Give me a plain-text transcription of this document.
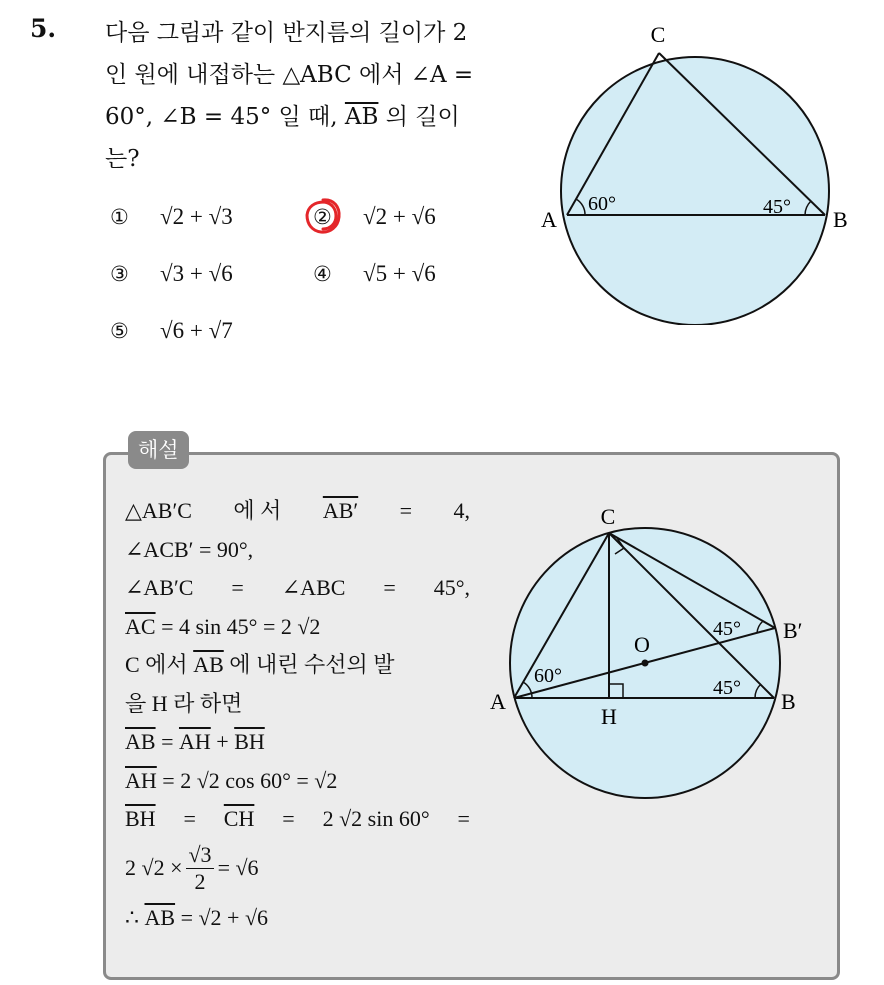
5. 다음 그림과 같이 반지름의 길이가 2
인 원에 내접하는 △ABC 에서 ∠A =
60°, ∠B = 45° 일 때, $\overline{AB}$ 의 길이
는?
① √2 + √3	② √2 + √6
③ √3 + √6	④ √5 + √6
⑤ √6 + √7
C
A	B
60°	45°
해설
△AB′C 에 서 AB′ = 4,
∠ACB′ = 90°,
∠AB′C = ∠ABC = 45°,
$\overline{AC} = 4$ sin 45° = 2 √2
C 에서 $\overline{AB}$ 에 내린 수선의 발
을 H 라 하면
$\overline{AB} = \overline{AH} + \overline{BH}$
$\overline{AH} = 2$ √2 cos 60° = √2
$\overline{BH} = \overline{CH} = 2$ √2 sin 60° =
2 $√2 \times \frac{√3}{2} = √6$
∴ $\overline{AB} = √2 + √6$
C
A	B
B′
H
O
60°
45°
45°
